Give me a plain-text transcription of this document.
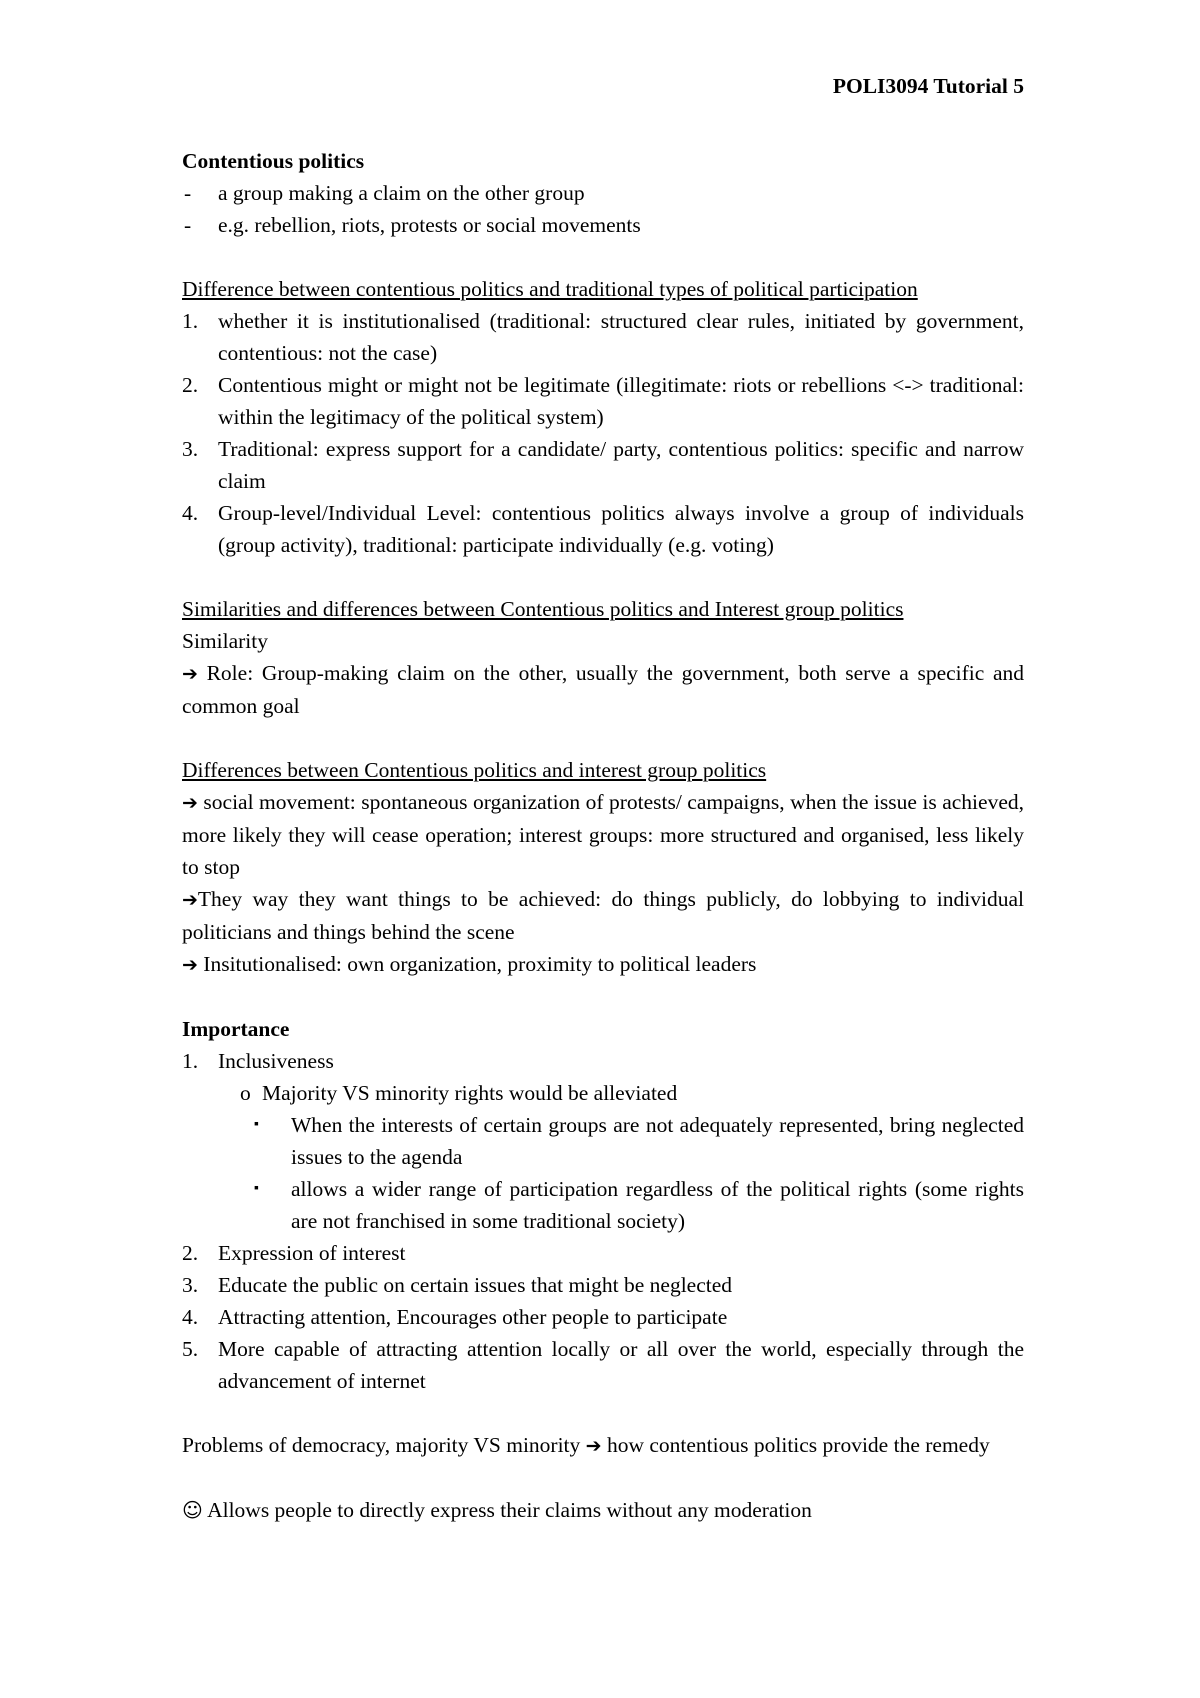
POLI3094 Tutorial 5

Contentious politics

- a group making a claim on the other group
- e.g. rebellion, riots, protests or social movements

Difference between contentious politics and traditional types of political participation

1. whether it is institutionalised (traditional: structured clear rules, initiated by government, contentious: not the case)
2. Contentious might or might not be legitimate (illegitimate: riots or rebellions <-> traditional: within the legitimacy of the political system)
3. Traditional: express support for a candidate/ party, contentious politics: specific and narrow claim
4. Group-level/Individual Level: contentious politics always involve a group of individuals (group activity), traditional: participate individually (e.g. voting)

Similarities and differences between Contentious politics and Interest group politics

Similarity

➔ Role: Group-making claim on the other, usually the government, both serve a specific and common goal

Differences between Contentious politics and interest group politics

➔ social movement: spontaneous organization of protests/ campaigns, when the issue is achieved, more likely they will cease operation; interest groups: more structured and organised, less likely to stop

➔They way they want things to be achieved: do things publicly, do lobbying to individual politicians and things behind the scene

➔ Insitutionalised: own organization, proximity to political leaders

Importance

1. Inclusiveness
o Majority VS minority rights would be alleviated
▪ When the interests of certain groups are not adequately represented, bring neglected issues to the agenda
▪ allows a wider range of participation regardless of the political rights (some rights are not franchised in some traditional society)
2. Expression of interest
3. Educate the public on certain issues that might be neglected
4. Attracting attention, Encourages other people to participate
5. More capable of attracting attention locally or all over the world, especially through the advancement of internet

Problems of democracy, majority VS minority ➔ how contentious politics provide the remedy

☺ Allows people to directly express their claims without any moderation
